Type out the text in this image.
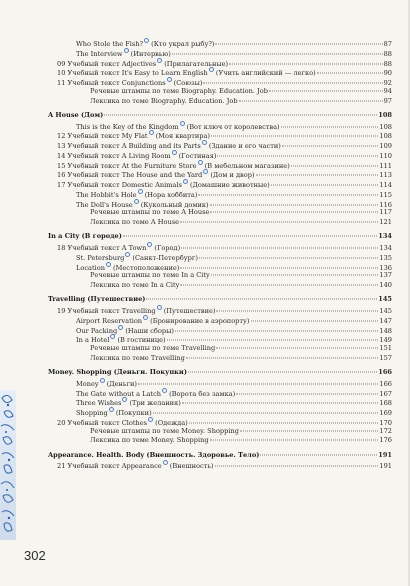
Who Stole the Fish? (Кто украл рыбу?)	87
The Interview (Интервью)	88
09 Учебный текст Adjectives (Прилагательные)	88
10 Учебный текст It's Easy to Learn English (Учить английский — легко)	90
11 Учебный текст Conjunctions (Союзы)	92
Речевые штампы по теме Biography. Education. Job	94
Лексика по теме Biography. Education. Job	97
A House (Дом)	108
This is the Key of the Kingdom (Вот ключ от королевства)	108
12 Учебный текст My Flat (Моя квартира)	108
13 Учебный текст A Building and its Parts (Здание и его части)	109
14 Учебный текст A Living Room (Гостиная)	110
15 Учебный текст At the Furniture Store (В мебельном магазине)	111
16 Учебный текст The House and the Yard (Дом и двор)	113
17 Учебный текст Domestic Animals (Домашние животные)	114
The Hobbit's Hole (Нора хоббита)	115
The Doll's House (Кукольный домик)	116
Речевые штампы по теме A House	117
Лексика по теме A House	121
In a City (В городе)	134
18 Учебный текст A Town (Город)	134
St. Petersburg (Санкт-Петербург)	135
Location (Местоположение)	136
Речевые штампы по теме In a City	137
Лексика по теме In a City	140
Travelling (Путешествие)	145
19 Учебный текст Travelling (Путешествие)	145
Airport Reservation (Бронирование в аэропорту)	147
Our Packing (Наши сборы)	148
In a Hotel (В гостинице)	149
Речевые штампы по теме Travelling	151
Лексика по теме Travelling	157
Money. Shopping (Деньги. Покупки)	166
Money (Деньги)	166
The Gate without a Latch (Ворота без замка)	167
Three Wishes (Три желания)	168
Shopping (Покупки)	169
20 Учебный текст Clothes (Одежда)	170
Речевые штампы по теме Money. Shopping	172
Лексика по теме Money. Shopping	176
Appearance. Health. Body (Внешность. Здоровье. Тело)	191
21 Учебный текст Appearance (Внешность)	191
302
